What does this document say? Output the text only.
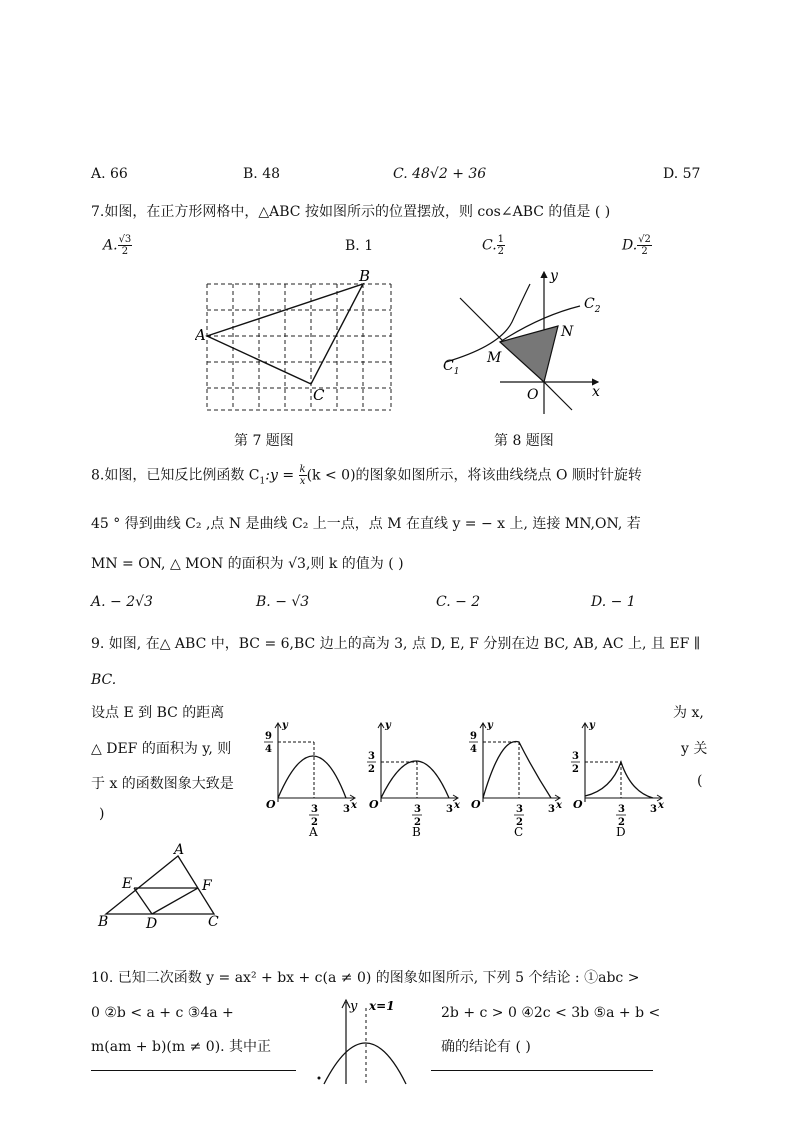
A. 66	B. 48	C. 48√2 + 36	D. 57
7.如图，在正方形网格中，△ABC 按如图所示的位置摆放，则 cos∠ABC 的值是 ( )
A. $\frac{√3}{2}$	B. 1	C. $\frac{1}{2}$	D. $\frac{√2}{2}$
A
B
C
第 7 题图
y
x
O
M
N
$C_1$
$C_2$
第 8 题图
8.如图，已知反比例函数 $C_1:y = \frac{k}{x} (k < 0)$的图象如图所示，将该曲线绕点 O 顺时针旋转
45 ° 得到曲线 C₂ ,点 N 是曲线 C₂ 上一点，点 M 在直线 y = − x 上, 连接 MN,ON, 若
MN = ON, △ MON 的面积为 √3,则 k 的值为 ( )
A. − 2√3	B. − √3	C. − 2	D. − 1
9. 如图, 在△ ABC 中，BC = 6,BC 边上的高为 3, 点 D, E, F 分别在边 BC, AB, AC 上, 且 EF ∥
BC.
设点 E 到 BC 的距离	为 x,
△ DEF 的面积为 y, 则	y 关
于 x 的函数图象大致是	(
)
y
x
O
9
4
3
2
3
A
y
x
O
3
2
3
2
3
B
y
x
O
9
4
3
2
3
C
y
x
O
3
2
3
2
3
D
A
B	C
D
E	F
10. 已知二次函数 y = ax² + bx + c(a ≠ 0) 的图象如图所示, 下列 5 个结论 : ①abc >
0 ②b < a + c ③4a +	2b + c > 0 ④2c < 3b ⑤a + b <
m(am + b)(m ≠ 0). 其中正	确的结论有 ( )
y x=1
